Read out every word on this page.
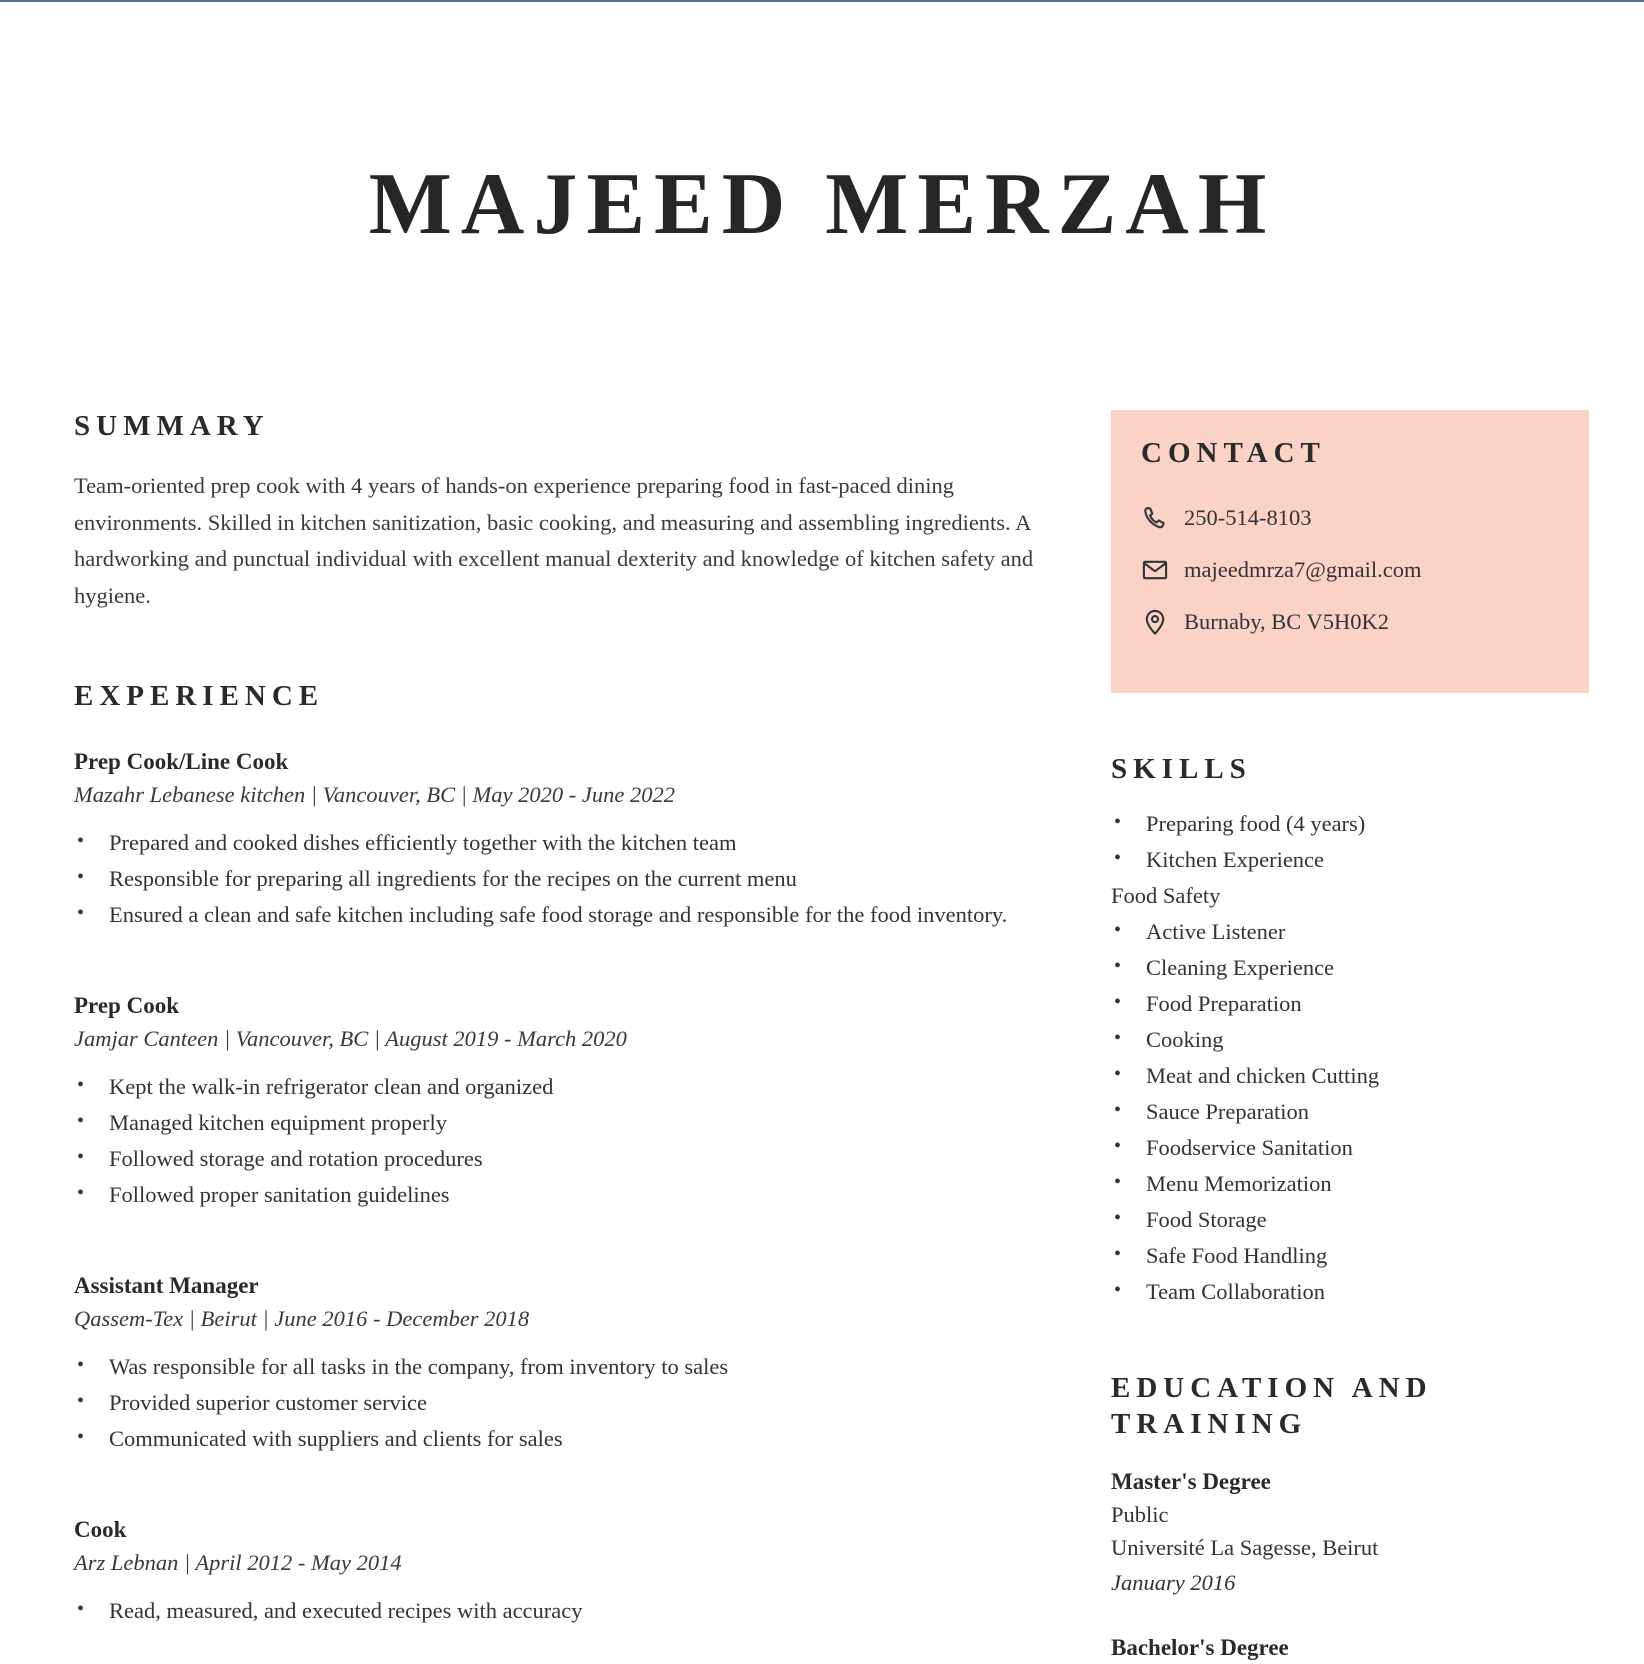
MAJEED MERZAH
SUMMARY

Team-oriented prep cook with 4 years of hands-on experience preparing food in fast-paced dining environments. Skilled in kitchen sanitization, basic cooking, and measuring and assembling ingredients. A hardworking and punctual individual with excellent manual dexterity and knowledge of kitchen safety and hygiene.

EXPERIENCE
Prep Cook/Line Cook
Mazahr Lebanese kitchen | Vancouver, BC | May 2020 - June 2022
• Prepared and cooked dishes efficiently together with the kitchen team
• Responsible for preparing all ingredients for the recipes on the current menu
• Ensured a clean and safe kitchen including safe food storage and responsible for the food inventory.
Prep Cook
Jamjar Canteen | Vancouver, BC | August 2019 - March 2020
• Kept the walk-in refrigerator clean and organized
• Managed kitchen equipment properly
• Followed storage and rotation procedures
• Followed proper sanitation guidelines
Assistant Manager
Qassem-Tex | Beirut | June 2016 - December 2018
• Was responsible for all tasks in the company, from inventory to sales
• Provided superior customer service
• Communicated with suppliers and clients for sales
Cook
Arz Lebnan | April 2012 - May 2014
• Read, measured, and executed recipes with accuracy
CONTACT
250-514-8103
majeedmrza7@gmail.com
Burnaby, BC V5H0K2
SKILLS
• Preparing food (4 years)
• Kitchen Experience
Food Safety
• Active Listener
• Cleaning Experience
• Food Preparation
• Cooking
• Meat and chicken Cutting
• Sauce Preparation
• Foodservice Sanitation
• Menu Memorization
• Food Storage
• Safe Food Handling
• Team Collaboration
EDUCATION AND
TRAINING
Master's Degree
Public
Université La Sagesse, Beirut
January 2016
Bachelor's Degree
